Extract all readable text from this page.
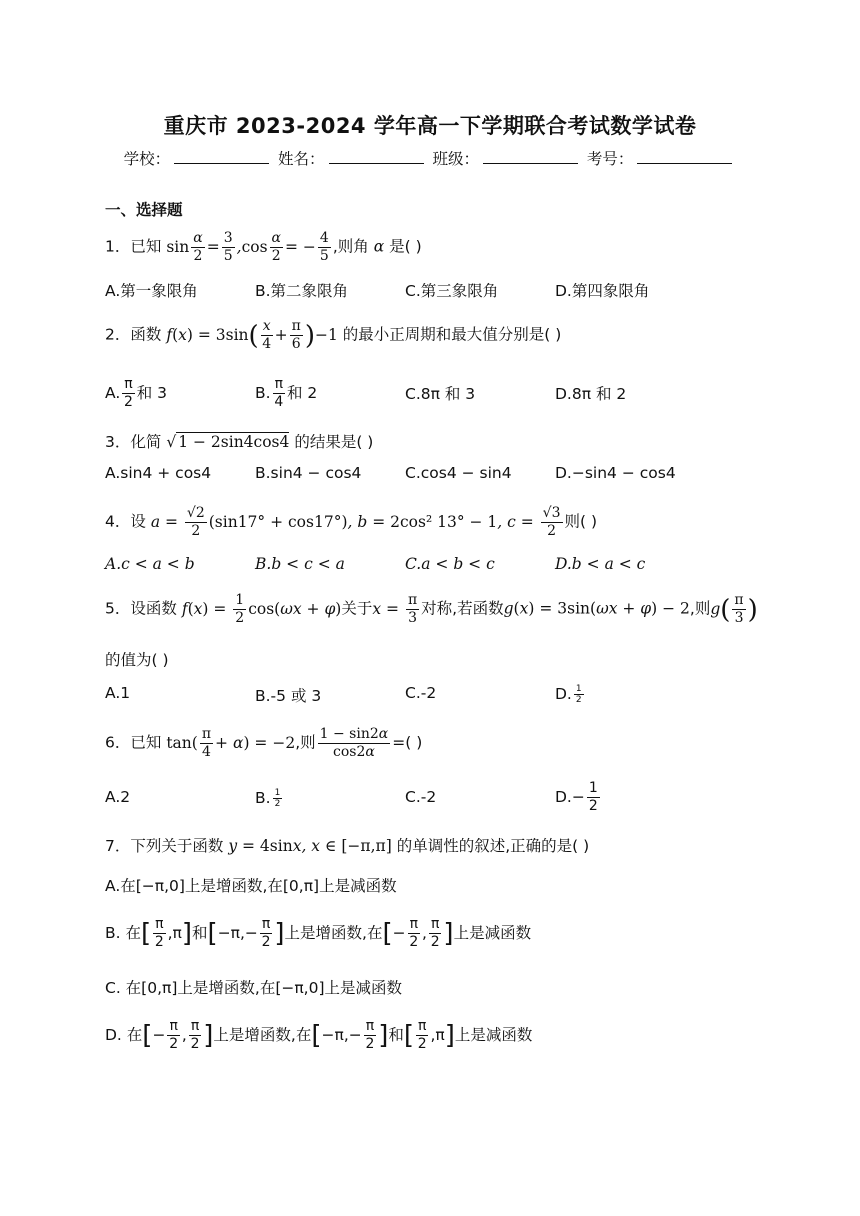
重庆市 2023-2024 学年高一下学期联合考试数学试卷
学校：	姓名：	班级：	考号：
一、选择题
1．已知 $\sin \frac{\alpha}{2} = \frac{3}{5} ,\cos \frac{\alpha}{2}$ = − $\frac{4}{5}$ ,则角 α 是( )
A.第一象限角	B.第二象限角	C.第三象限角	D.第四象限角
2．函数 $f(x) = 3\sin( \frac{x}{4} + \frac{\pi}{6} )-1$ 的最小正周期和最大值分别是( )
A. $\frac{\pi}{2}$ 和 3	B. $\frac{\pi}{4}$ 和 2	C.8π 和 3	D.8π 和 2
3．化简 √ 1 − 2sin4cos4 的结果是( )
A.sin4 + cos4	B.sin4 − cos4	C.cos4 − sin4	D.−sin4 − cos4
4．设 $a = \frac{√2}{2} (\sin 17^\circ + \cos 17^\circ)$, b = 2cos² 13° − 1, $c = \frac{√3}{2}$ 则( )
A.c < a < b	B.b < c < a	C.a < b < c	D.b < a < c
5．设函数 $f(x) = \frac{1}{2} \cos(\omega x + \varphi)$关于$x = \frac{\pi}{3}$ 对称,若函数g(x) = 3sin(ωx + φ) − 2,则$g( \frac{\pi}{3}$ )
的值为( )
A.1	B.-5 或 3	C.-2	D. $\frac{1}{2}$
6．已知 $\tan( \frac{\pi}{4} + \alpha) = -2$,则 $\frac{1 - \sin 2\alpha}{\cos 2\alpha}$ =( )
A.2	B. $\frac{1}{2}$	C.-2	$D.- \frac{1}{2}$
7．下列关于函数 y = 4sinx, x ∈ [−π,π] 的单调性的叙述,正确的是( )
A.在[−π,0]上是增函数,在[0,π]上是减函数
B. 在[ $\frac{\pi}{2} ,\pi$]和[$-\pi,- \frac{\pi}{2}$ ]上是增函数,在[− $\frac{\pi}{2}$ , $\frac{\pi}{2}$ ]上是减函数
C. 在[0,π]上是增函数,在[−π,0]上是减函数
D. 在[− $\frac{\pi}{2}$ , $\frac{\pi}{2}$ ]上是增函数,在[$-\pi,- \frac{\pi}{2}$ ]和[ $\frac{\pi}{2} ,\pi$]上是减函数
